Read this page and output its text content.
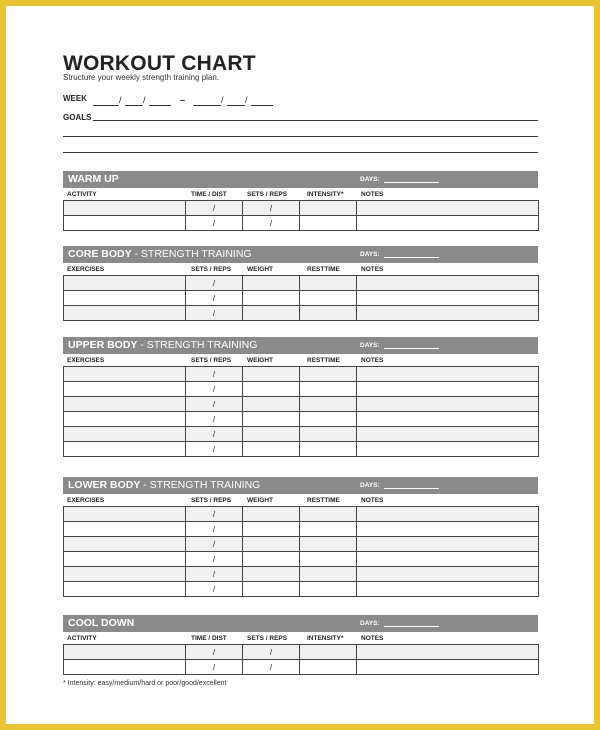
WORKOUT CHART
Structure your weekly strength training plan.
WEEK	/ /	–	/ /
GOALS
WARM UP	DAYS:
ACTIVITY	TIME / DIST	SETS / REPS	INTENSITY*	NOTES
	/	/		
	/	/		
CORE BODY - STRENGTH TRAINING	DAYS:
EXERCISES	SETS / REPS WEIGHT	RESTTIME	NOTES
	/			
	/			
	/			
UPPER BODY - STRENGTH TRAINING	DAYS:
EXERCISES	SETS / REPS WEIGHT	RESTTIME	NOTES
	/			
	/			
	/			
	/			
	/			
	/			
LOWER BODY - STRENGTH TRAINING	DAYS:
EXERCISES	SETS / REPS WEIGHT	RESTTIME	NOTES
	/			
	/			
	/			
	/			
	/			
	/			
COOL DOWN	DAYS:
ACTIVITY	TIME / DIST	SETS / REPS	INTENSITY*	NOTES
	/	/		
	/	/		
* Intensity: easy/medium/hard or poor/good/excellent
